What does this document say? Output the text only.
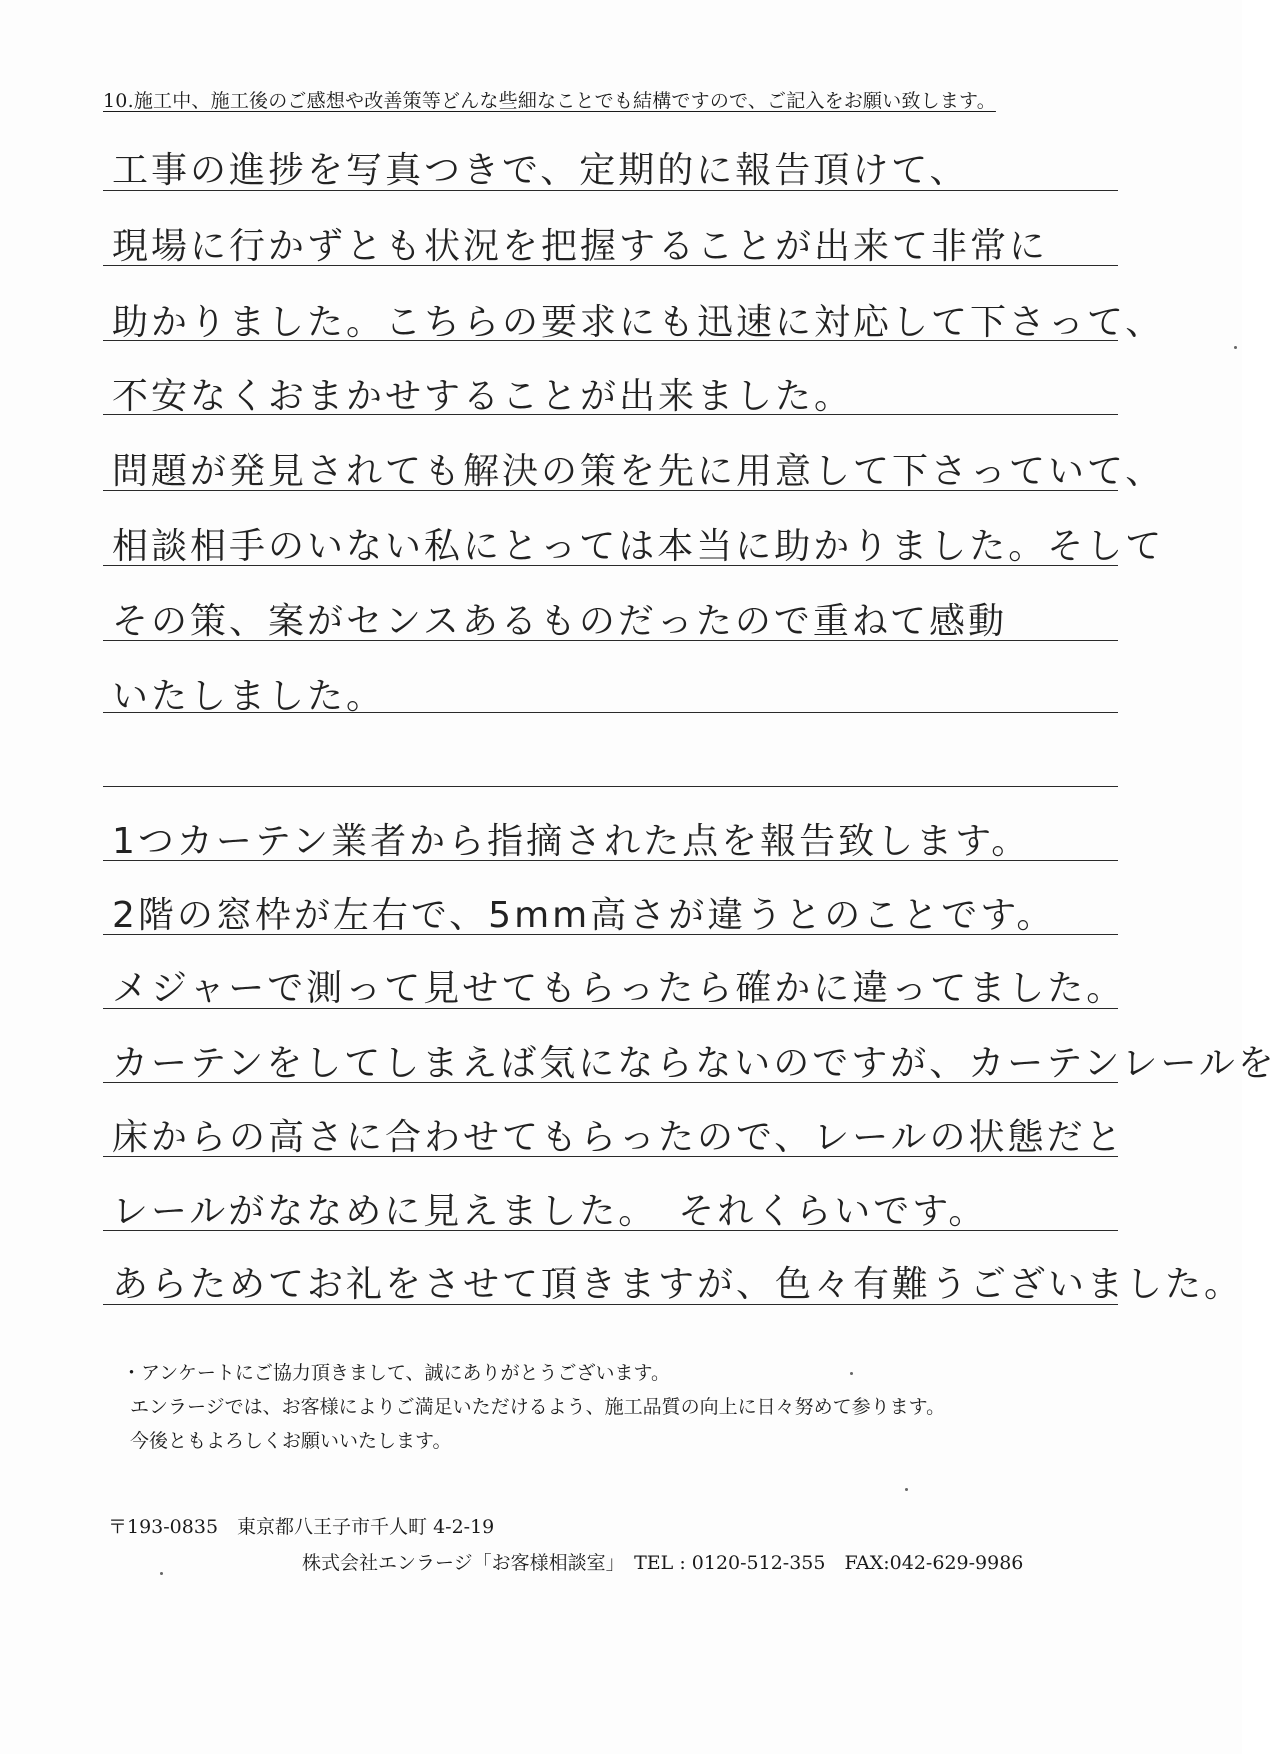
10.施工中、施工後のご感想や改善策等どんな些細なことでも結構ですので、ご記入をお願い致します。
工事の進捗を写真つきで、定期的に報告頂けて、
現場に行かずとも状況を把握することが出来て非常に
助かりました。こちらの要求にも迅速に対応して下さって、
不安なくおまかせすることが出来ました。
問題が発見されても解決の策を先に用意して下さっていて、
相談相手のいない私にとっては本当に助かりました。そして
その策、案がセンスあるものだったので重ねて感動
いたしました。
1つカーテン業者から指摘された点を報告致します。
2階の窓枠が左右で、5mm高さが違うとのことです。
メジャーで測って見せてもらったら確かに違ってました。
カーテンをしてしまえば気にならないのですが、カーテンレールを
床からの高さに合わせてもらったので、レールの状態だと
レールがななめに見えました。　それくらいです。
あらためてお礼をさせて頂きますが、色々有難うございました。
・アンケートにご協力頂きまして、誠にありがとうございます。
エンラージでは、お客様によりご満足いただけるよう、施工品質の向上に日々努めて参ります。
今後ともよろしくお願いいたします。
〒193-0835　東京都八王子市千人町 4-2-19
株式会社エンラージ「お客様相談室」　TEL : 0120-512-355　FAX:042-629-9986
